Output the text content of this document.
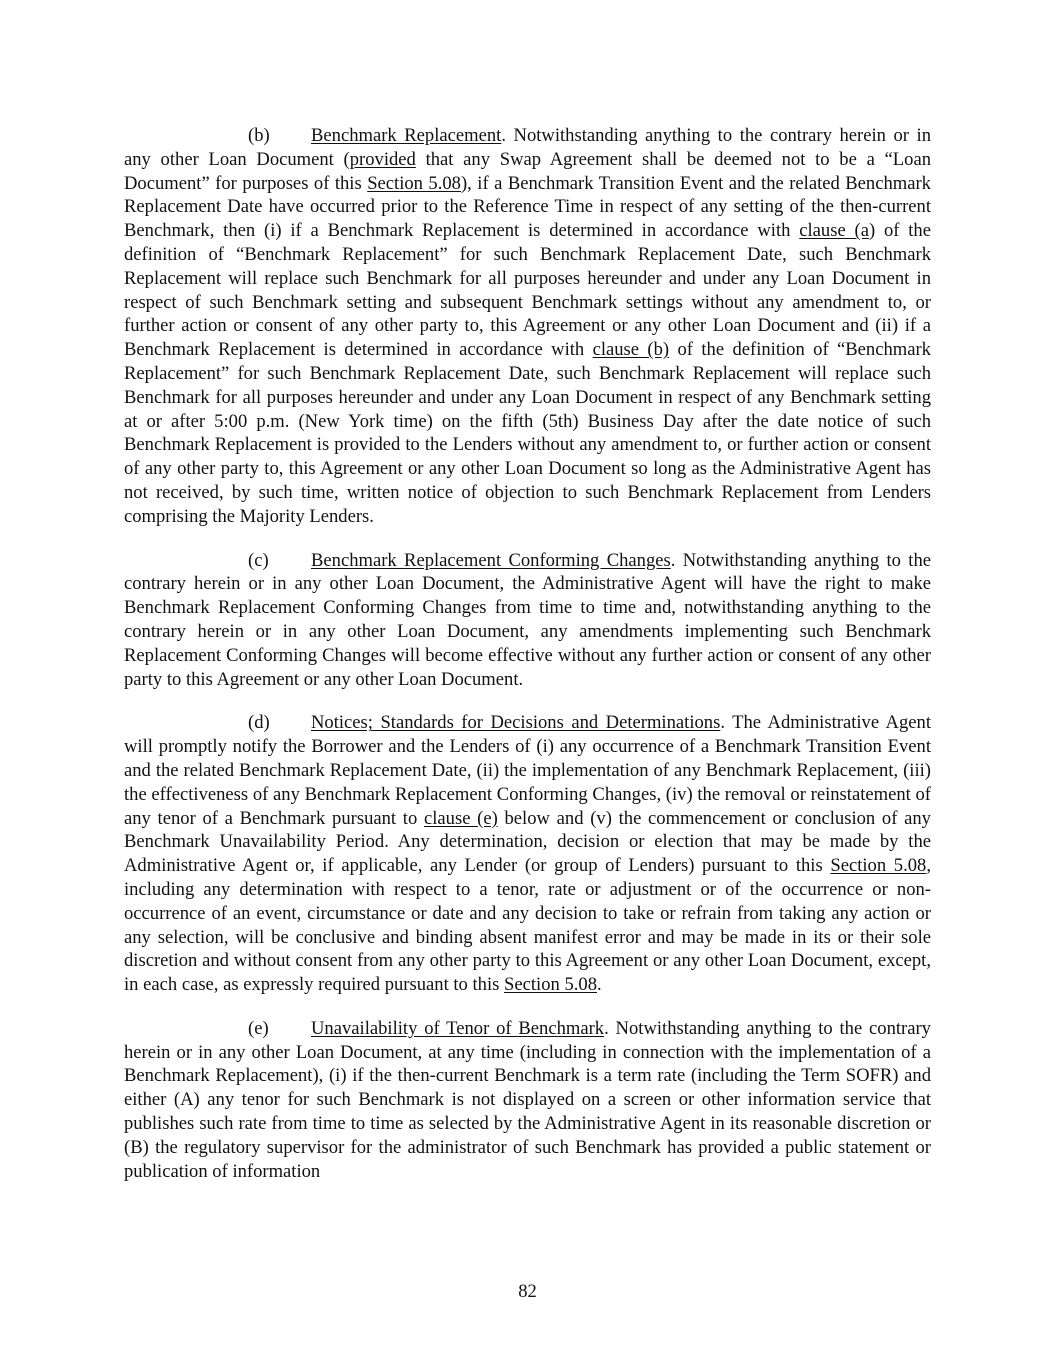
(b) Benchmark Replacement. Notwithstanding anything to the contrary herein or in any other Loan Document (provided that any Swap Agreement shall be deemed not to be a “Loan Document” for purposes of this Section 5.08), if a Benchmark Transition Event and the related Benchmark Replacement Date have occurred prior to the Reference Time in respect of any setting of the then-current Benchmark, then (i) if a Benchmark Replacement is determined in accordance with clause (a) of the definition of “Benchmark Replacement” for such Benchmark Replacement Date, such Benchmark Replacement will replace such Benchmark for all purposes hereunder and under any Loan Document in respect of such Benchmark setting and subsequent Benchmark settings without any amendment to, or further action or consent of any other party to, this Agreement or any other Loan Document and (ii) if a Benchmark Replacement is determined in accordance with clause (b) of the definition of “Benchmark Replacement” for such Benchmark Replacement Date, such Benchmark Replacement will replace such Benchmark for all purposes hereunder and under any Loan Document in respect of any Benchmark setting at or after 5:00 p.m. (New York time) on the fifth (5th) Business Day after the date notice of such Benchmark Replacement is provided to the Lenders without any amendment to, or further action or consent of any other party to, this Agreement or any other Loan Document so long as the Administrative Agent has not received, by such time, written notice of objection to such Benchmark Replacement from Lenders comprising the Majority Lenders.

(c) Benchmark Replacement Conforming Changes. Notwithstanding anything to the contrary herein or in any other Loan Document, the Administrative Agent will have the right to make Benchmark Replacement Conforming Changes from time to time and, notwithstanding anything to the contrary herein or in any other Loan Document, any amendments implementing such Benchmark Replacement Conforming Changes will become effective without any further action or consent of any other party to this Agreement or any other Loan Document.

(d) Notices; Standards for Decisions and Determinations. The Administrative Agent will promptly notify the Borrower and the Lenders of (i) any occurrence of a Benchmark Transition Event and the related Benchmark Replacement Date, (ii) the implementation of any Benchmark Replacement, (iii) the effectiveness of any Benchmark Replacement Conforming Changes, (iv) the removal or reinstatement of any tenor of a Benchmark pursuant to clause (e) below and (v) the commencement or conclusion of any Benchmark Unavailability Period. Any determination, decision or election that may be made by the Administrative Agent or, if applicable, any Lender (or group of Lenders) pursuant to this Section 5.08, including any determination with respect to a tenor, rate or adjustment or of the occurrence or non-occurrence of an event, circumstance or date and any decision to take or refrain from taking any action or any selection, will be conclusive and binding absent manifest error and may be made in its or their sole discretion and without consent from any other party to this Agreement or any other Loan Document, except, in each case, as expressly required pursuant to this Section 5.08.

(e) Unavailability of Tenor of Benchmark. Notwithstanding anything to the contrary herein or in any other Loan Document, at any time (including in connection with the implementation of a Benchmark Replacement), (i) if the then-current Benchmark is a term rate (including the Term SOFR) and either (A) any tenor for such Benchmark is not displayed on a screen or other information service that publishes such rate from time to time as selected by the Administrative Agent in its reasonable discretion or (B) the regulatory supervisor for the administrator of such Benchmark has provided a public statement or publication of information

82
